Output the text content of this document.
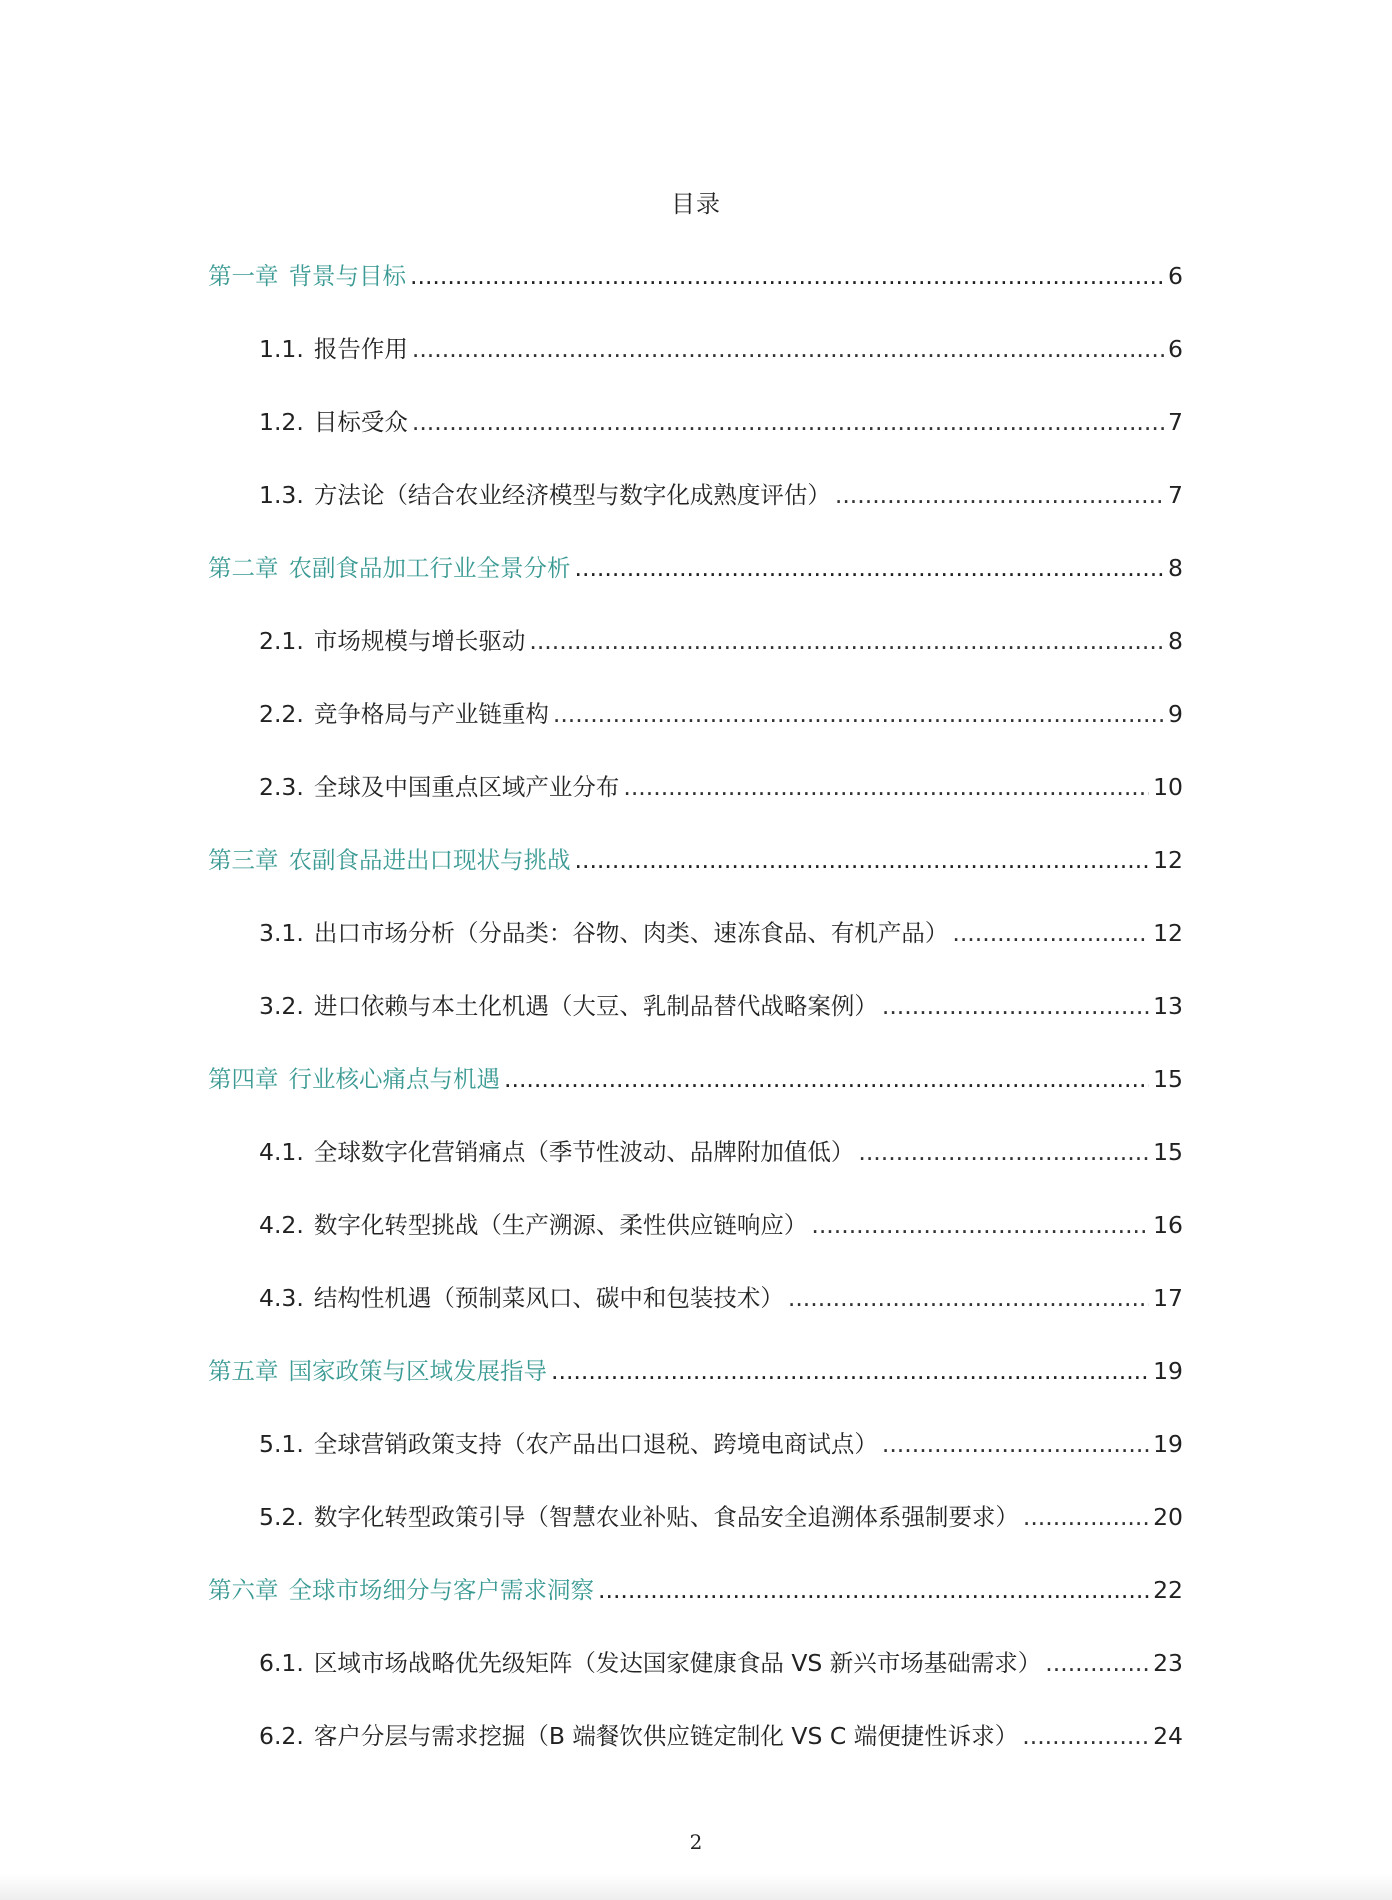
目录
第一章 背景与目标 .....	6
1.1. 报告作用 .....	6
1.2. 目标受众 .....	7
1.3. 方法论（结合农业经济模型与数字化成熟度评估） .....	7
第二章 农副食品加工行业全景分析 .....	8
2.1. 市场规模与增长驱动 .....	8
2.2. 竞争格局与产业链重构 .....	9
2.3. 全球及中国重点区域产业分布 .....	10
第三章 农副食品进出口现状与挑战 .....	12
3.1. 出口市场分析（分品类：谷物、肉类、速冻食品、有机产品） .....	12
3.2. 进口依赖与本土化机遇（大豆、乳制品替代战略案例） .....	13
第四章 行业核心痛点与机遇 .....	15
4.1. 全球数字化营销痛点（季节性波动、品牌附加值低） .....	15
4.2. 数字化转型挑战（生产溯源、柔性供应链响应） .....	16
4.3. 结构性机遇（预制菜风口、碳中和包装技术） .....	17
第五章 国家政策与区域发展指导 .....	19
5.1. 全球营销政策支持（农产品出口退税、跨境电商试点） .....	19
5.2. 数字化转型政策引导（智慧农业补贴、食品安全追溯体系强制要求） .....	20
第六章 全球市场细分与客户需求洞察 .....	22
6.1. 区域市场战略优先级矩阵（发达国家健康食品 VS 新兴市场基础需求） .....	23
6.2. 客户分层与需求挖掘（B 端餐饮供应链定制化 VS C 端便捷性诉求） .....	24
2
